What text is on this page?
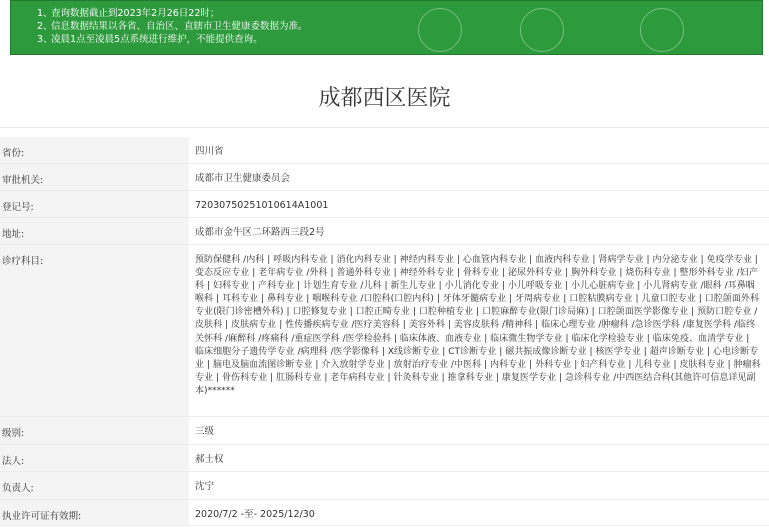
1、查询数据截止到2023年2月26日22时；
2、信息数据结果以各省、自治区、直辖市卫生健康委数据为准。
3、凌晨1点至凌晨5点系统进行维护，不能提供查询。
成都西区医院
省份:	四川省
审批机关:	成都市卫生健康委员会
登记号:	72030750251010614A1001
地址:	成都市金牛区二环路西三段2号
诊疗科目:	预防保健科 /内科 | 呼吸内科专业 | 消化内科专业 | 神经内科专业 | 心血管内科专业 | 血液内科专业 | 肾病学专业 | 内分泌专业 | 免疫学专业 | 变态反应专业 | 老年病专业 /外科 | 普通外科专业 | 神经外科专业 | 骨科专业 | 泌尿外科专业 | 胸外科专业 | 烧伤科专业 | 整形外科专业 /妇产科 | 妇科专业 | 产科专业 | 计划生育专业 /儿科 | 新生儿专业 | 小儿消化专业 | 小儿呼吸专业 | 小儿心脏病专业 | 小儿肾病专业 /眼科 /耳鼻咽喉科 | 耳科专业 | 鼻科专业 | 咽喉科专业 /口腔科(口腔内科) | 牙体牙髓病专业 | 牙周病专业 | 口腔粘膜病专业 | 儿童口腔专业 | 口腔颌面外科专业(限门诊密槽外科) | 口腔修复专业 | 口腔正畸专业 | 口腔种植专业 | 口腔麻醉专业(限门诊局麻) | 口腔颌面医学影像专业 | 预防口腔专业 /皮肤科 | 皮肤病专业 | 性传播疾病专业 /医疗美容科 | 美容外科 | 美容皮肤科 /精神科 | 临床心理专业 /肿瘤科 /急诊医学科 /康复医学科 /临终关怀科 /麻醉科 /疼痛科 /重症医学科 /医学检验科 | 临床体液、血液专业 | 临床微生物学专业 | 临床化学检验专业 | 临床免疫、血清学专业 | 临床细胞分子遗传学专业 /病理科 /医学影像科 | X线诊断专业 | CT诊断专业 | 磁共振成像诊断专业 | 核医学专业 | 超声诊断专业 | 心电诊断专业 | 脑电及脑血流图诊断专业 | 介入放射学专业 | 放射治疗专业 /中医科 | 内科专业 | 外科专业 | 妇产科专业 | 儿科专业 | 皮肤科专业 | 肿瘤科专业 | 骨伤科专业 | 肛肠科专业 | 老年病科专业 | 针灸科专业 | 推拿科专业 | 康复医学专业 | 急诊科专业 /中西医结合科(其他许可信息详见副本)******
级别:	三级
法人:	郝士权
负责人:	沈宁
执业许可证有效期:	2020/7/2 -至- 2025/12/30
